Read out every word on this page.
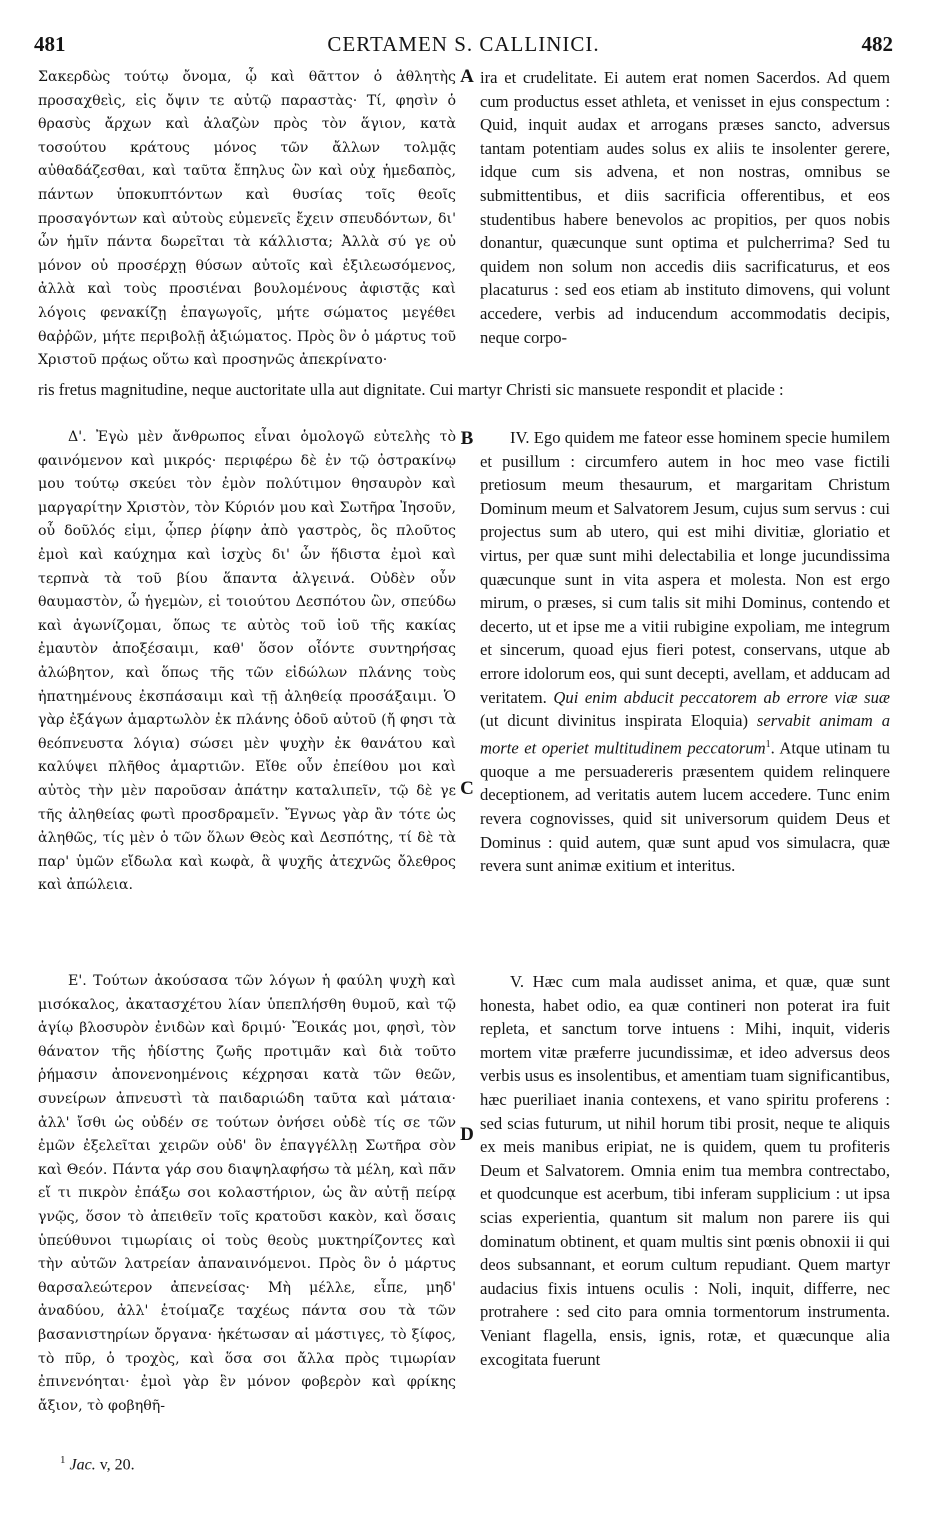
481	CERTAMEN S. CALLINICI.	482

Σακερδὼς τούτῳ ὄνομα, ᾧ καὶ θᾶττον ὁ ἀθλητὴς προσαχθεὶς, εἰς ὄψιν τε αὐτῷ παραστὰς· Τί, φησὶν ὁ θρασὺς ἄρχων καὶ ἀλαζὼν πρὸς τὸν ἅγιον, κατὰ τοσούτου κράτους μόνος τῶν ἄλλων τολμᾷς αὐθαδάζεσθαι, καὶ ταῦτα ἔπηλυς ὢν καὶ οὐχ ἡμεδαπὸς, πάντων ὑποκυπτόντων καὶ θυσίας τοῖς θεοῖς προσαγόντων καὶ αὐτοὺς εὐμενεῖς ἔχειν σπευδόντων, δι' ὧν ἡμῖν πάντα δωρεῖται τὰ κάλλιστα; Ἀλλὰ σύ γε οὐ μόνον οὐ προσέρχῃ θύσων αὐτοῖς καὶ ἐξιλεωσόμενος, ἀλλὰ καὶ τοὺς προσιέναι βουλομένους ἀφιστᾷς καὶ λόγοις φενακίζῃ ἐπαγωγοῖς, μήτε σώματος μεγέθει θαῤῥῶν, μήτε περιβολῇ ἀξιώματος. Πρὸς ὃν ὁ μάρτυς τοῦ Χριστοῦ πρᾴως οὕτω καὶ προσηνῶς ἀπεκρίνατο·

A ira et crudelitate. Ei autem erat nomen Sacerdos. Ad quem cum productus esset athleta, et venisset in ejus conspectum : Quid, inquit audax et arrogans præses sancto, adversus tantam potentiam audes solus ex aliis te insolenter gerere, idque cum sis advena, et non nostras, omnibus se submittentibus, et diis sacrificia offerentibus, et eos studentibus habere benevolos ac propitios, per quos nobis donantur, quæcunque sunt optima et pulcherrima? Sed tu quidem non solum non accedis diis sacrificaturus, et eos placaturus : sed eos etiam ab instituto dimovens, qui volunt accedere, verbis ad inducendum accommodatis decipis, neque corpo-

ris fretus magnitudine, neque auctoritate ulla aut dignitate. Cui martyr Christi sic mansuete respondit et placide :
B

Δ'. Ἐγὼ μὲν ἄνθρωπος εἶναι ὁμολογῶ εὐτελὴς τὸ φαινόμενον καὶ μικρός· περιφέρω δὲ ἐν τῷ ὀστρακίνῳ μου τούτῳ σκεύει τὸν ἐμὸν πολύτιμον θησαυρὸν καὶ μαργαρίτην Χριστὸν, τὸν Κύριόν μου καὶ Σωτῆρα Ἰησοῦν, οὗ δοῦλός εἰμι, ᾧπερ ῥίφην ἀπὸ γαστρὸς, ὃς πλοῦτος ἐμοὶ καὶ καύχημα καὶ ἰσχὺς δι' ὧν ἥδιστα ἐμοὶ καὶ τερπνὰ τὰ τοῦ βίου ἅπαντα ἀλγεινά. Οὐδὲν οὖν θαυμαστὸν, ὦ ἡγεμὼν, εἰ τοιούτου Δεσπότου ὢν, σπεύδω καὶ ἀγωνίζομαι, ὅπως τε αὐτὸς τοῦ ἰοῦ τῆς κακίας ἐμαυτὸν ἀποξέσαιμι, καθ' ὅσον οἷόντε συντηρήσας ἀλώβητον, καὶ ὅπως τῆς τῶν εἰδώλων πλάνης τοὺς ἠπατημένους ἐκσπάσαιμι καὶ τῇ ἀληθείᾳ προσάξαιμι. Ὁ γὰρ ἐξάγων ἁμαρτωλὸν ἐκ πλάνης ὁδοῦ αὐτοῦ (ἤ φησι τὰ θεόπνευστα λόγια) σώσει μὲν ψυχὴν ἐκ θανάτου καὶ καλύψει πλῆθος ἁμαρτιῶν. Εἴθε οὖν ἐπείθου μοι καὶ αὐτὸς τὴν μὲν παροῦσαν ἀπάτην καταλιπεῖν, τῷ δὲ γε τῆς ἀληθείας φωτὶ προσδραμεῖν. Ἔγνως γὰρ ἂν τότε ὡς ἀληθῶς, τίς μὲν ὁ τῶν ὅλων Θεὸς καὶ Δεσπότης, τί δὲ τὰ παρ' ὑμῶν εἴδωλα καὶ κωφὰ, ἃ ψυχῆς ἀτεχνῶς ὄλεθρος καὶ ἀπώλεια.

IV. Ego quidem me fateor esse hominem specie humilem et pusillum : circumfero autem in hoc meo vase fictili pretiosum meum thesaurum, et margaritam Christum Dominum meum et Salvatorem Jesum, cujus sum servus : cui projectus sum ab utero, qui est mihi divitiæ, gloriatio et virtus, per quæ sunt mihi delectabilia et longe jucundissima quæcunque sunt in vita aspera et molesta. Non est ergo mirum, o præses, si cum talis sit mihi Dominus, contendo et decerto, ut et ipse me a vitii rubigine expoliam, me integrum et sincerum, quoad ejus fieri potest, conservans, utque ab errore idolorum eos, qui sunt decepti, avellam, et adducam ad veritatem. Qui enim abducit peccatorem ab errore viæ suæ (ut dicunt divinitus inspirata Eloquia) servabit animam a morte et operiet multitudinem peccatorum$^1$. Atque utinam tu quoque a me persuadereris præsentem quidem relinquere deceptionem, ad veritatis autem lucem accedere. Tunc enim revera cognovisses, quid sit universorum quidem Deus et Dominus : quid autem, quæ sunt apud vos simulacra, quæ revera sunt animæ exitium et interitus.

C

Ε'. Τούτων ἀκούσασα τῶν λόγων ἡ φαύλη ψυχὴ καὶ μισόκαλος, ἀκατασχέτου λίαν ὑπεπλήσθη θυμοῦ, καὶ τῷ ἁγίῳ βλοσυρὸν ἐνιδὼν καὶ δριμύ· Ἔοικάς μοι, φησὶ, τὸν θάνατον τῆς ἡδίστης ζωῆς προτιμᾶν καὶ διὰ τοῦτο ῥήμασιν ἀπονενοημένοις κέχρησαι κατὰ τῶν θεῶν, συνείρων ἀπνευστὶ τὰ παιδαριώδη ταῦτα καὶ μάταια· ἀλλ' ἴσθι ὡς οὐδέν σε τούτων ὀνήσει οὐδὲ τίς σε τῶν ἐμῶν ἐξελεῖται χειρῶν οὐδ' ὃν ἐπαγγέλλῃ Σωτῆρα σὸν καὶ Θεόν. Πάντα γάρ σου διαψηλαφήσω τὰ μέλη, καὶ πᾶν εἴ τι πικρὸν ἐπάξω σοι κολαστήριον, ὡς ἂν αὐτῇ πείρᾳ γνῷς, ὅσον τὸ ἀπειθεῖν τοῖς κρατοῦσι κακὸν, καὶ ὅσαις ὑπεύθυνοι τιμωρίαις οἱ τοὺς θεοὺς μυκτηρίζοντες καὶ τὴν αὐτῶν λατρείαν ἀπαναινόμενοι. Πρὸς ὃν ὁ μάρτυς θαρσαλεώτερον ἀπενείσας· Μὴ μέλλε, εἶπε, μηδ' ἀναδύου, ἀλλ' ἑτοίμαζε ταχέως πάντα σου τὰ τῶν βασανιστηρίων ὄργανα· ἡκέτωσαν αἱ μάστιγες, τὸ ξίφος, τὸ πῦρ, ὁ τροχὸς, καὶ ὅσα σοι ἄλλα πρὸς τιμωρίαν ἐπινενόηται· ἐμοὶ γὰρ ἓν μόνον φοβερὸν καὶ φρίκης ἄξιον, τὸ φοβηθῆ-

D

V. Hæc cum mala audisset anima, et quæ, quæ sunt honesta, habet odio, ea quæ contineri non poterat ira fuit repleta, et sanctum torve intuens : Mihi, inquit, videris mortem vitæ præferre jucundissimæ, et ideo adversus deos verbis usus es insolentibus, et amentiam tuam significantibus, hæc pueriliaet inania contexens, et vano spiritu proferens : sed scias futurum, ut nihil horum tibi prosit, neque te aliquis ex meis manibus eripiat, ne is quidem, quem tu profiteris Deum et Salvatorem. Omnia enim tua membra contrectabo, et quodcunque est acerbum, tibi inferam supplicium : ut ipsa scias experientia, quantum sit malum non parere iis qui dominatum obtinent, et quam multis sint pœnis obnoxii ii qui deos subsannant, et eorum cultum repudiant. Quem martyr audacius fixis intuens oculis : Noli, inquit, differre, nec protrahere : sed cito para omnia tormentorum instrumenta. Veniant flagella, ensis, ignis, rotæ, et quæcunque alia excogitata fuerunt

$^1$ Jac. v, 20.
